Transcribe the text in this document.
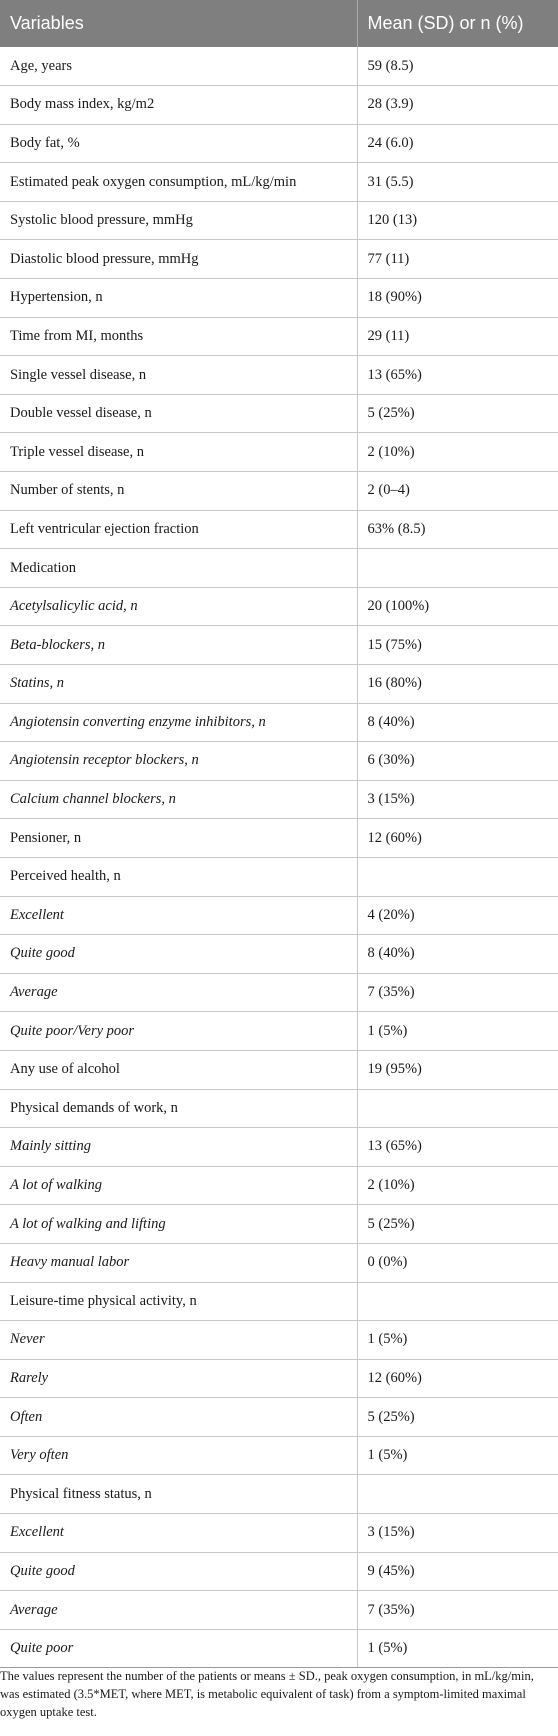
Variables	Mean (SD) or n (%)
Age, years	59 (8.5)
Body mass index, kg/m2	28 (3.9)
Body fat, %	24 (6.0)
Estimated peak oxygen consumption, mL/kg/min	31 (5.5)
Systolic blood pressure, mmHg	120 (13)
Diastolic blood pressure, mmHg	77 (11)
Hypertension, n	18 (90%)
Time from MI, months	29 (11)
Single vessel disease, n	13 (65%)
Double vessel disease, n	5 (25%)
Triple vessel disease, n	2 (10%)
Number of stents, n	2 (0–4)
Left ventricular ejection fraction	63% (8.5)
Medication	
Acetylsalicylic acid, n	20 (100%)
Beta-blockers, n	15 (75%)
Statins, n	16 (80%)
Angiotensin converting enzyme inhibitors, n	8 (40%)
Angiotensin receptor blockers, n	6 (30%)
Calcium channel blockers, n	3 (15%)
Pensioner, n	12 (60%)
Perceived health, n	
Excellent	4 (20%)
Quite good	8 (40%)
Average	7 (35%)
Quite poor/Very poor	1 (5%)
Any use of alcohol	19 (95%)
Physical demands of work, n	
Mainly sitting	13 (65%)
A lot of walking	2 (10%)
A lot of walking and lifting	5 (25%)
Heavy manual labor	0 (0%)
Leisure-time physical activity, n	
Never	1 (5%)
Rarely	12 (60%)
Often	5 (25%)
Very often	1 (5%)
Physical fitness status, n	
Excellent	3 (15%)
Quite good	9 (45%)
Average	7 (35%)
Quite poor	1 (5%)
The values represent the number of the patients or means ± SD., peak oxygen consumption, in mL/kg/min, was estimated (3.5*MET, where MET, is metabolic equivalent of task) from a symptom-limited maximal oxygen uptake test.
